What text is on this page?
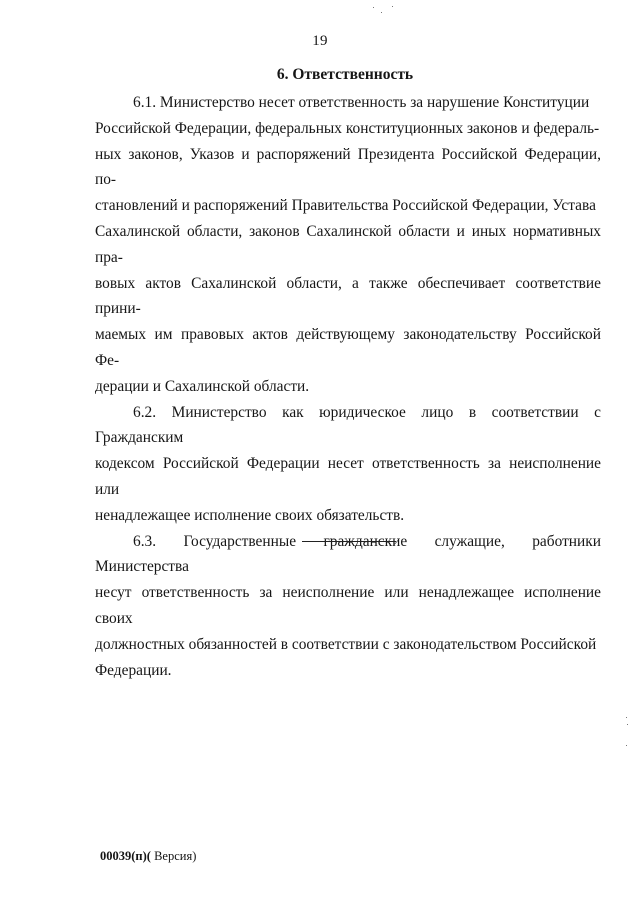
19
6. Ответственность
6.1. Министерство несет ответственность за нарушение Конституции
Российской Федерации, федеральных конституционных законов и федераль-
ных законов, Указов и распоряжений Президента Российской Федерации, по-
становлений и распоряжений Правительства Российской Федерации, Устава
Сахалинской области, законов Сахалинской области и иных нормативных пра-
вовых актов Сахалинской области, а также обеспечивает соответствие прини-
маемых им правовых актов действующему законодательству Российской Фе-
дерации и Сахалинской области.
6.2. Министерство как юридическое лицо в соответствии с Гражданским
кодексом Российской Федерации несет ответственность за неисполнение или
ненадлежащее исполнение своих обязательств.
6.3. Государственные гражданские служащие, работники Министерства
несут ответственность за неисполнение или ненадлежащее исполнение своих
должностных обязанностей в соответствии с законодательством Российской
Федерации.
00039(п)( Версия)
